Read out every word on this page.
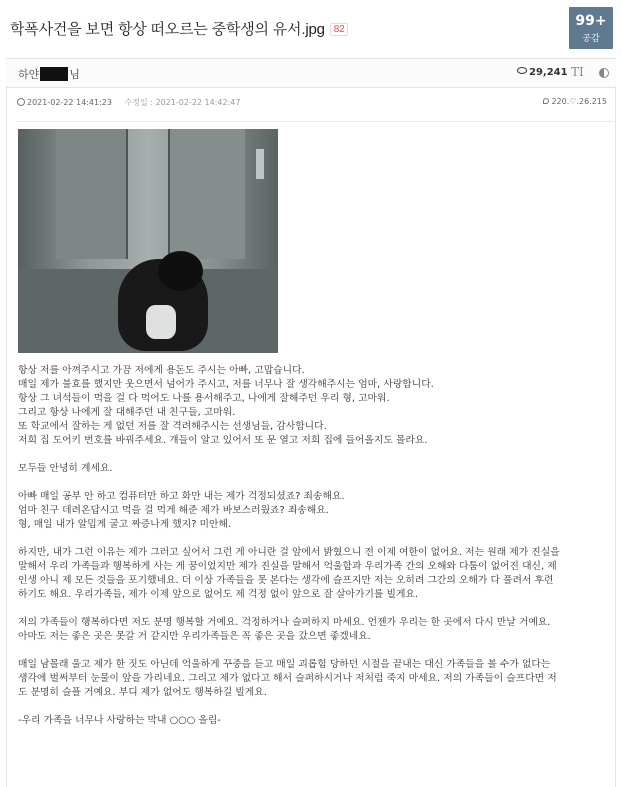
학폭사건을 보면 항상 떠오르는 중학생의 유서.jpg 82
99+
공감
하얀	님	29,241 TI
2021-02-22 14:41:23 수정일 : 2021-02-22 14:42:47	220.♡.26.215

항상 저를 아껴주시고 가끔 저에게 용돈도 주시는 아빠, 고맙습니다.

매일 제가 불효를 했지만 웃으면서 넘어가 주시고, 저를 너무나 잘 생각해주시는 엄마, 사랑합니다.

항상 그 녀석들이 먹을 걸 다 먹어도 나를 용서해주고, 나에게 잘해주던 우리 형, 고마워.

그리고 항상 나에게 잘 대해주던 내 친구들, 고마워.

또 학교에서 잘하는 게 없던 저를 잘 격려해주시는 선생님들, 감사합니다.

저희 집 도어키 번호를 바꿔주세요. 걔들이 알고 있어서 또 문 열고 저희 집에 들어올지도 몰라요.

모두들 안녕히 계세요.

아빠 매일 공부 안 하고 컴퓨터만 하고 화만 내는 제가 걱정되셨죠? 죄송해요.

엄마 친구 데려온답시고 먹을 걸 먹게 해준 제가 바보스러웠죠? 죄송해요.

형, 매일 내가 알밉게 굴고 짜증나게 했지? 미안해.

하지만, 내가 그런 이유는 제가 그러고 싶어서 그런 게 아니란 걸 앞에서 밝혔으니 전 이제 여한이 없어요. 저는 원래 제가 진실을

말해서 우리 가족들과 행복하게 사는 게 꿈이었지만 제가 진실을 말해서 억울함과 우리가족 간의 오해와 다툼이 없어진 대신, 제

인생 아니 제 모든 것들을 포기했네요. 더 이상 가족들을 못 본다는 생각에 슬프지만 저는 오히려 그간의 오해가 다 풀려서 후련

하기도 해요. 우리가족들, 제가 이제 앞으로 없어도 제 걱정 없이 앞으로 잘 살아가기를 빌게요.

저의 가족들이 행복하다면 저도 분명 행복할 거예요. 걱정하거나 슬퍼하지 마세요. 언젠가 우리는 한 곳에서 다시 만날 거예요.

아마도 저는 좋은 곳은 못갈 거 같지만 우리가족들은 꼭 좋은 곳을 갔으면 좋겠네요.

매일 남몰래 울고 제가 한 짓도 아닌데 억울하게 꾸중을 듣고 매일 괴롭힘 당하던 시절을 끝내는 대신 가족들을 볼 수가 없다는

생각에 벌써부터 눈물이 앞을 가리네요. 그리고 제가 없다고 해서 슬퍼하시거나 저처럼 죽지 마세요. 저의 가족들이 슬프다면 저

도 분명히 슬플 거예요. 부디 제가 없어도 행복하길 빌게요.

-우리 가족을 너무나 사랑하는 막내 ○○○ 올림-
